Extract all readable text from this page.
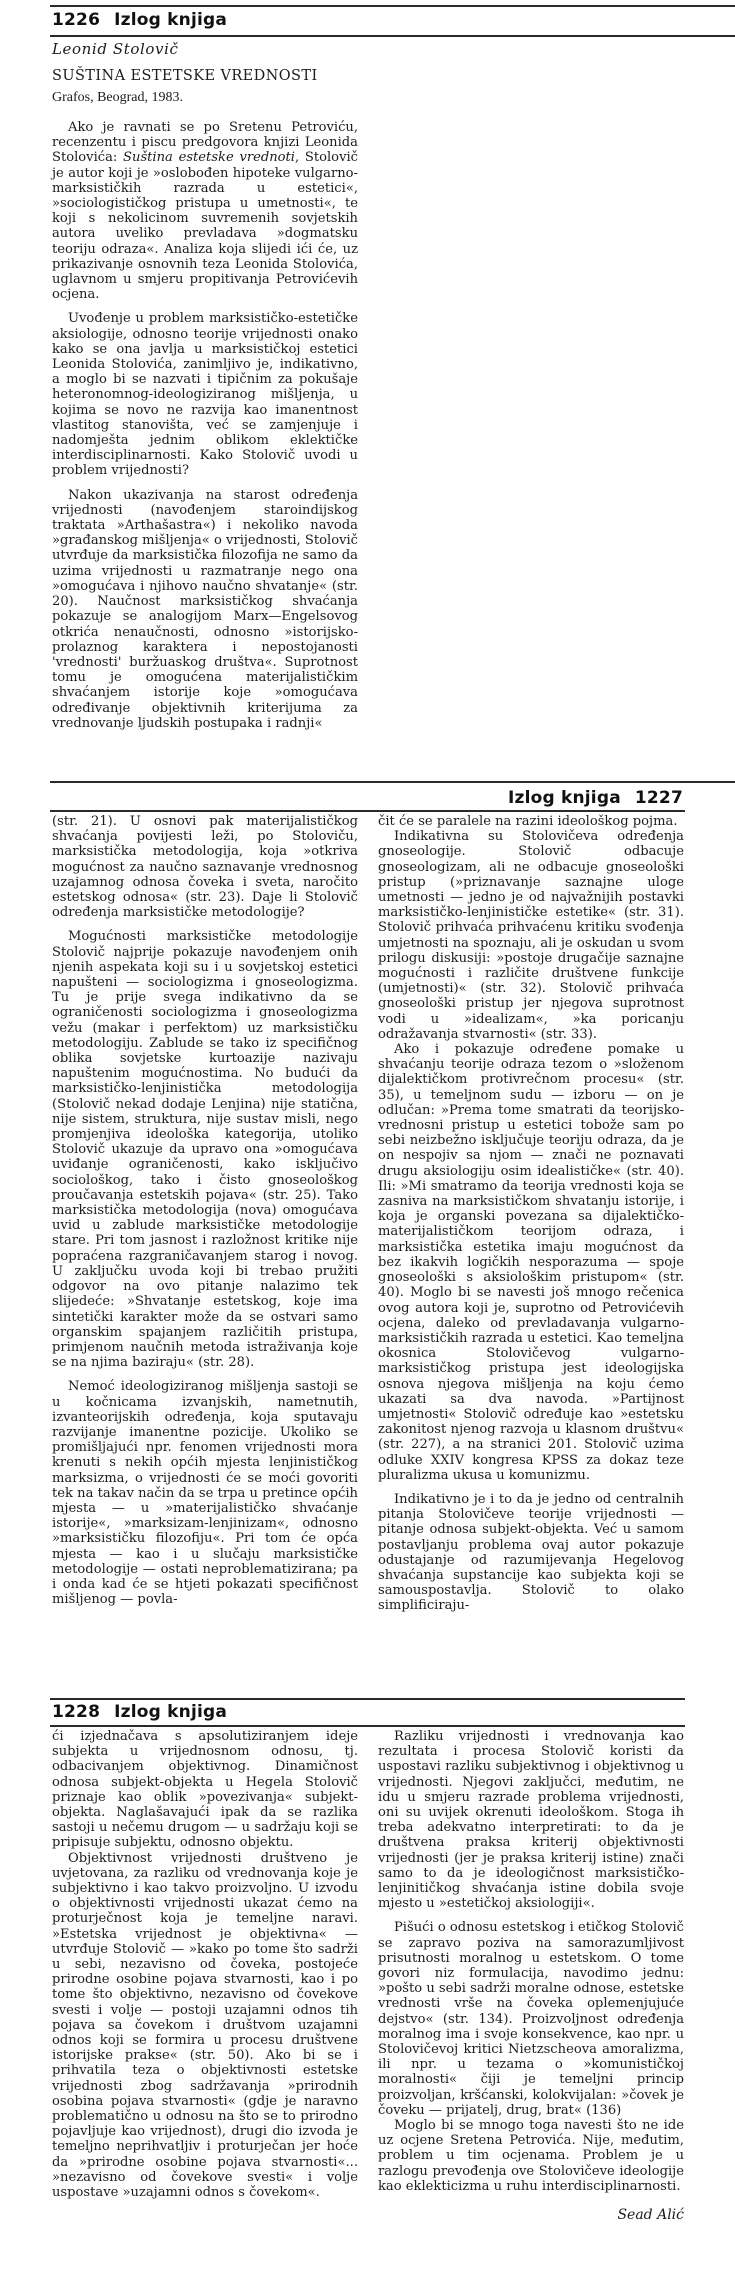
1226 Izlog knjiga
Leonid Stolovič
SUŠTINA ESTETSKE VREDNOSTI
Grafos, Beograd, 1983.

Ako je ravnati se po Sretenu Petroviću, recenzentu i piscu predgovora knjizi Leonida Stolovića: Suština estetske vrednoti, Stolovič je autor koji je »oslobođen hipoteke vulgarno-marksističkih razrada u estetici«, »sociologističkog pristupa u umetnosti«, te koji s nekolicinom suvremenih sovjetskih autora uveliko prevladava »dogmatsku teoriju odraza«. Analiza koja slijedi ići će, uz prikazivanje osnovnih teza Leonida Stolovića, uglavnom u smjeru propitivanja Petrovićevih ocjena.

Uvođenje u problem marksističko-estetičke aksiologije, odnosno teorije vrijednosti onako kako se ona javlja u marksističkoj estetici Leonida Stolovića, zanimljivo je, indikativno, a moglo bi se nazvati i tipičnim za pokušaje heteronomnog-ideologiziranog mišljenja, u kojima se novo ne razvija kao imanentnost vlastitog stanovišta, već se zamjenjuje i nadomješta jednim oblikom eklektičke interdisciplinarnosti. Kako Stolovič uvodi u problem vrijednosti?

Nakon ukazivanja na starost određenja vrijednosti (navođenjem staroindijskog traktata »Arthašastra«) i nekoliko navoda »građanskog mišljenja« o vrijednosti, Stolovič utvrđuje da marksistička filozofija ne samo da uzima vrijednosti u razmatranje nego ona »omogućava i njihovo naučno shvatanje« (str. 20). Naučnost marksističkog shvaćanja pokazuje se analogijom Marx—Engelsovog otkrića nenaučnosti, odnosno »istorijsko-prolaznog karaktera i nepostojanosti 'vrednosti' buržuaskog društva«. Suprotnost tomu je omogućena materijalističkim shvaćanjem istorije koje »omogućava određivanje objektivnih kriterijuma za vrednovanje ljudskih postupaka i radnji«

Izlog knjiga 1227

(str. 21). U osnovi pak materijalističkog shvaćanja povijesti leži, po Stoloviču, marksistička metodologija, koja »otkriva mogućnost za naučno saznavanje vrednosnog uzajamnog odnosa čoveka i sveta, naročito estetskog odnosa« (str. 23). Daje li Stolovič određenja marksističke metodologije?

Mogućnosti marksističke metodologije Stolovič najprije pokazuje navođenjem onih njenih aspekata koji su i u sovjetskoj estetici napušteni — sociologizma i gnoseologizma. Tu je prije svega indikativno da se ograničenosti sociologizma i gnoseologizma vežu (makar i perfektom) uz marksističku metodologiju. Zablude se tako iz specifičnog oblika sovjetske kurtoazije nazivaju napuštenim mogućnostima. No budući da marksističko-lenjinistička metodologija (Stolovič nekad dodaje Lenjina) nije statična, nije sistem, struktura, nije sustav misli, nego promjenjiva ideološka kategorija, utoliko Stolovič ukazuje da upravo ona »omogućava uviđanje ograničenosti, kako isključivo sociološkog, tako i čisto gnoseološkog proučavanja estetskih pojava« (str. 25). Tako marksistička metodologija (nova) omogućava uvid u zablude marksističke metodologije stare. Pri tom jasnost i razložnost kritike nije popraćena razgraničavanjem starog i novog. U zaključku uvoda koji bi trebao pružiti odgovor na ovo pitanje nalazimo tek slijedeće: »Shvatanje estetskog, koje ima sintetički karakter može da se ostvari samo organskim spajanjem različitih pristupa, primjenom naučnih metoda istraživanja koje se na njima baziraju« (str. 28).

Nemoć ideologiziranog mišljenja sastoji se u kočnicama izvanjskih, nametnutih, izvanteorijskih određenja, koja sputavaju razvijanje imanentne pozicije. Ukoliko se promišljajući npr. fenomen vrijednosti mora krenuti s nekih općih mjesta lenjinističkog marksizma, o vrijednosti će se moći govoriti tek na takav način da se trpa u pretince općih mjesta — u »materijalističko shvaćanje istorije«, »marksizam-lenjinizam«, odnosno »marksističku filozofiju«. Pri tom će opća mjesta — kao i u slučaju marksističke metodologije — ostati neproblematizirana; pa i onda kad će se htjeti pokazati specifičnost mišljenog — povla-

čit će se paralele na razini ideološkog pojma.

Indikativna su Stolovičeva određenja gnoseologije. Stolovič odbacuje gnoseologizam, ali ne odbacuje gnoseološki pristup (»priznavanje saznajne uloge umetnosti — jedno je od najvažnijih postavki marksističko-lenjinističke estetike« (str. 31). Stolovič prihvaća prihvaćenu kritiku svođenja umjetnosti na spoznaju, ali je oskudan u svom prilogu diskusiji: »postoje drugačije saznajne mogućnosti i različite društvene funkcije (umjetnosti)« (str. 32). Stolovič prihvaća gnoseološki pristup jer njegova suprotnost vodi u »idealizam«, »ka poricanju odražavanja stvarnosti« (str. 33).

Ako i pokazuje određene pomake u shvaćanju teorije odraza tezom o »složenom dijalektičkom protivrečnom procesu« (str. 35), u temeljnom sudu — izboru — on je odlučan: »Prema tome smatrati da teorijsko-vrednosni pristup u estetici tobože sam po sebi neizbežno isključuje teoriju odraza, da je on nespojiv sa njom — znači ne poznavati drugu aksiologiju osim idealističke« (str. 40). Ili: »Mi smatramo da teorija vrednosti koja se zasniva na marksističkom shvatanju istorije, i koja je organski povezana sa dijalektičko-materijalističkom teorijom odraza, i marksistička estetika imaju mogućnost da bez ikakvih logičkih nesporazuma — spoje gnoseološki s aksiološkim pristupom« (str. 40). Moglo bi se navesti još mnogo rečenica ovog autora koji je, suprotno od Petrovićevih ocjena, daleko od prevladavanja vulgarno-marksističkih razrada u estetici. Kao temeljna okosnica Stolovičevog vulgarno-marksističkog pristupa jest ideologijska osnova njegova mišljenja na koju ćemo ukazati sa dva navoda. »Partijnost umjetnosti« Stolovič određuje kao »estetsku zakonitost njenog razvoja u klasnom društvu« (str. 227), a na stranici 201. Stolovič uzima odluke XXIV kongresa KPSS za dokaz teze pluralizma ukusa u komunizmu.

Indikativno je i to da je jedno od centralnih pitanja Stolovičeve teorije vrijednosti — pitanje odnosa subjekt-objekta. Već u samom postavljanju problema ovaj autor pokazuje odustajanje od razumijevanja Hegelovog shvaćanja supstancije kao subjekta koji se samouspostavlja. Stolovič to olako simplificiraju-

1228 Izlog knjiga

ći izjednačava s apsolutiziranjem ideje subjekta u vrijednosnom odnosu, tj. odbacivanjem objektivnog. Dinamičnost odnosa subjekt-objekta u Hegela Stolovič priznaje kao oblik »povezivanja« subjekt-objekta. Naglašavajući ipak da se razlika sastoji u nečemu drugom — u sadržaju koji se pripisuje subjektu, odnosno objektu.

Objektivnost vrijednosti društveno je uvjetovana, za razliku od vrednovanja koje je subjektivno i kao takvo proizvoljno. U izvodu o objektivnosti vrijednosti ukazat ćemo na proturječnost koja je temeljne naravi. »Estetska vrijednost je objektivna« — utvrđuje Stolovič — »kako po tome što sadrži u sebi, nezavisno od čoveka, postojeće prirodne osobine pojava stvarnosti, kao i po tome što objektivno, nezavisno od čovekove svesti i volje — postoji uzajamni odnos tih pojava sa čovekom i društvom uzajamni odnos koji se formira u procesu društvene istorijske prakse« (str. 50). Ako bi se i prihvatila teza o objektivnosti estetske vrijednosti zbog sadržavanja »prirodnih osobina pojava stvarnosti« (gdje je naravno problematično u odnosu na što se to prirodno pojavljuje kao vrijednost), drugi dio izvoda je temeljno neprihvatljiv i proturječan jer hoće da »prirodne osobine pojava stvarnosti«... »nezavisno od čovekove svesti« i volje uspostave »uzajamni odnos s čovekom«.

Razliku vrijednosti i vrednovanja kao rezultata i procesa Stolovič koristi da uspostavi razliku subjektivnog i objektivnog u vrijednosti. Njegovi zaključci, međutim, ne idu u smjeru razrade problema vrijednosti, oni su uvijek okrenuti ideološkom. Stoga ih treba adekvatno interpretirati: to da je društvena praksa kriterij objektivnosti vrijednosti (jer je praksa kriterij istine) znači samo to da je ideologičnost marksističko-lenjinitičkog shvaćanja istine dobila svoje mjesto u »estetičkoj aksiologiji«.

Pišući o odnosu estetskog i etičkog Stolovič se zapravo poziva na samorazumljivost prisutnosti moralnog u estetskom. O tome govori niz formulacija, navodimo jednu: »pošto u sebi sadrži moralne odnose, estetske vrednosti vrše na čoveka oplemenjujuće dejstvo« (str. 134). Proizvoljnost određenja moralnog ima i svoje konsekvence, kao npr. u Stolovičevoj kritici Nietzscheova amoralizma, ili npr. u tezama o »komunističkoj moralnosti« čiji je temeljni princip proizvoljan, kršćanski, kolokvijalan: »čovek je čoveku — prijatelj, drug, brat« (136)

Moglo bi se mnogo toga navesti što ne ide uz ocjene Sretena Petrovića. Nije, međutim, problem u tim ocjenama. Problem je u razlogu prevođenja ove Stolovičeve ideologije kao eklekticizma u ruhu interdisciplinarnosti.

Sead Alić
